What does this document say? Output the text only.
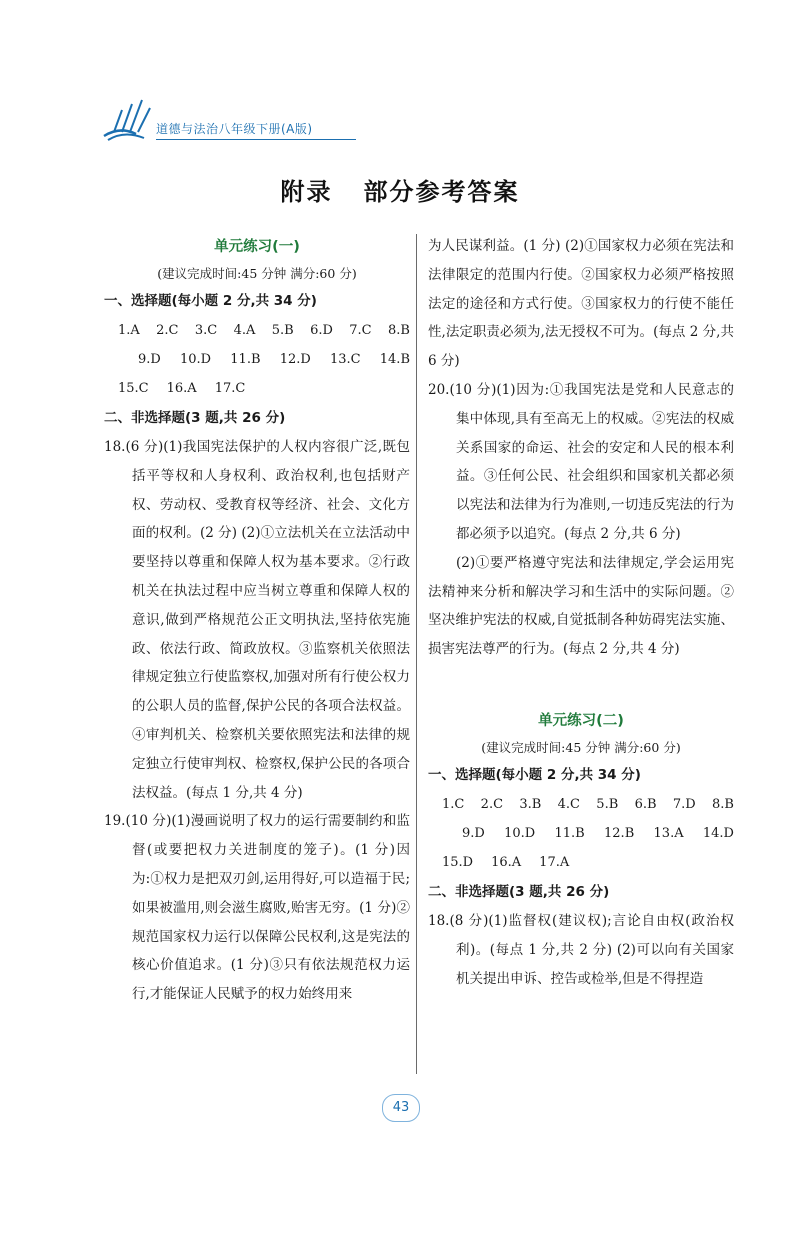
道德与法治八年级下册(A版)
附录   部分参考答案
单元练习(一)
(建议完成时间:45 分钟 满分:60 分)
一、选择题(每小题 2 分,共 34 分)
1.A 2.C 3.C 4.A 5.B 6.D 7.C 8.B
9.D 10.D 11.B 12.D 13.C 14.B
15.C 16.A 17.C
二、非选择题(3 题,共 26 分)
18.(6 分)(1)我国宪法保护的人权内容很广泛,既包括平等权和人身权利、政治权利,也包括财产权、劳动权、受教育权等经济、社会、文化方面的权利。(2 分) (2)①立法机关在立法活动中要坚持以尊重和保障人权为基本要求。②行政机关在执法过程中应当树立尊重和保障人权的意识,做到严格规范公正文明执法,坚持依宪施政、依法行政、简政放权。③监察机关依照法律规定独立行使监察权,加强对所有行使公权力的公职人员的监督,保护公民的各项合法权益。④审判机关、检察机关要依照宪法和法律的规定独立行使审判权、检察权,保护公民的各项合法权益。(每点 1 分,共 4 分)
19.(10 分)(1)漫画说明了权力的运行需要制约和监督(或要把权力关进制度的笼子)。(1 分)因为:①权力是把双刃剑,运用得好,可以造福于民;如果被滥用,则会滋生腐败,贻害无穷。(1 分)②规范国家权力运行以保障公民权利,这是宪法的核心价值追求。(1 分)③只有依法规范权力运行,才能保证人民赋予的权力始终用来
为人民谋利益。(1 分) (2)①国家权力必须在宪法和法律限定的范围内行使。②国家权力必须严格按照法定的途径和方式行使。③国家权力的行使不能任性,法定职责必须为,法无授权不可为。(每点 2 分,共 6 分)
20.(10 分)(1)因为:①我国宪法是党和人民意志的集中体现,具有至高无上的权威。②宪法的权威关系国家的命运、社会的安定和人民的根本利益。③任何公民、社会组织和国家机关都必须以宪法和法律为行为准则,一切违反宪法的行为都必须予以追究。(每点 2 分,共 6 分)
(2)①要严格遵守宪法和法律规定,学会运用宪法精神来分析和解决学习和生活中的实际问题。②坚决维护宪法的权威,自觉抵制各种妨碍宪法实施、损害宪法尊严的行为。(每点 2 分,共 4 分)
单元练习(二)
(建议完成时间:45 分钟 满分:60 分)
一、选择题(每小题 2 分,共 34 分)
1.C 2.C 3.B 4.C 5.B 6.B 7.D 8.B
9.D 10.D 11.B 12.B 13.A 14.D
15.D 16.A 17.A
二、非选择题(3 题,共 26 分)
18.(8 分)(1)监督权(建议权);言论自由权(政治权利)。(每点 1 分,共 2 分) (2)可以向有关国家机关提出申诉、控告或检举,但是不得捏造
43
